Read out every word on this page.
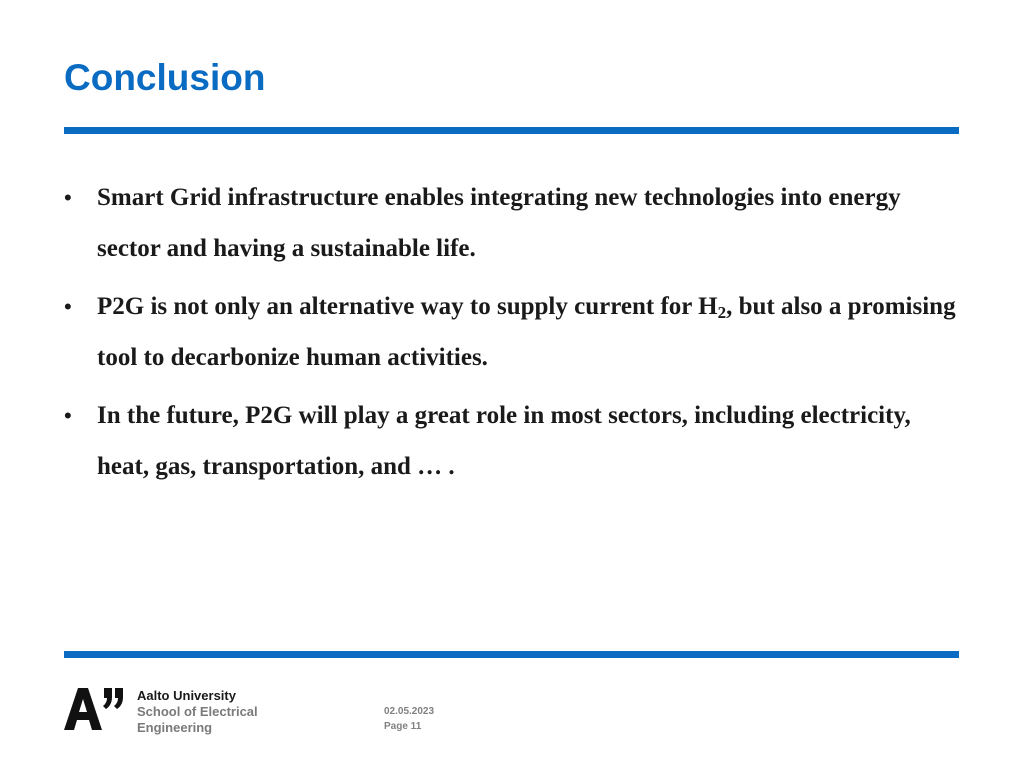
Conclusion
• Smart Grid infrastructure enables integrating new technologies into energy sector and having a sustainable life.
• P2G is not only an alternative way to supply current for $H_2$, but also a promising tool to decarbonize human activities.
• In the future, P2G will play a great role in most sectors, including electricity, heat, gas, transportation, and … .
Aalto University
School of Electrical
Engineering
02.05.2023
Page 11
